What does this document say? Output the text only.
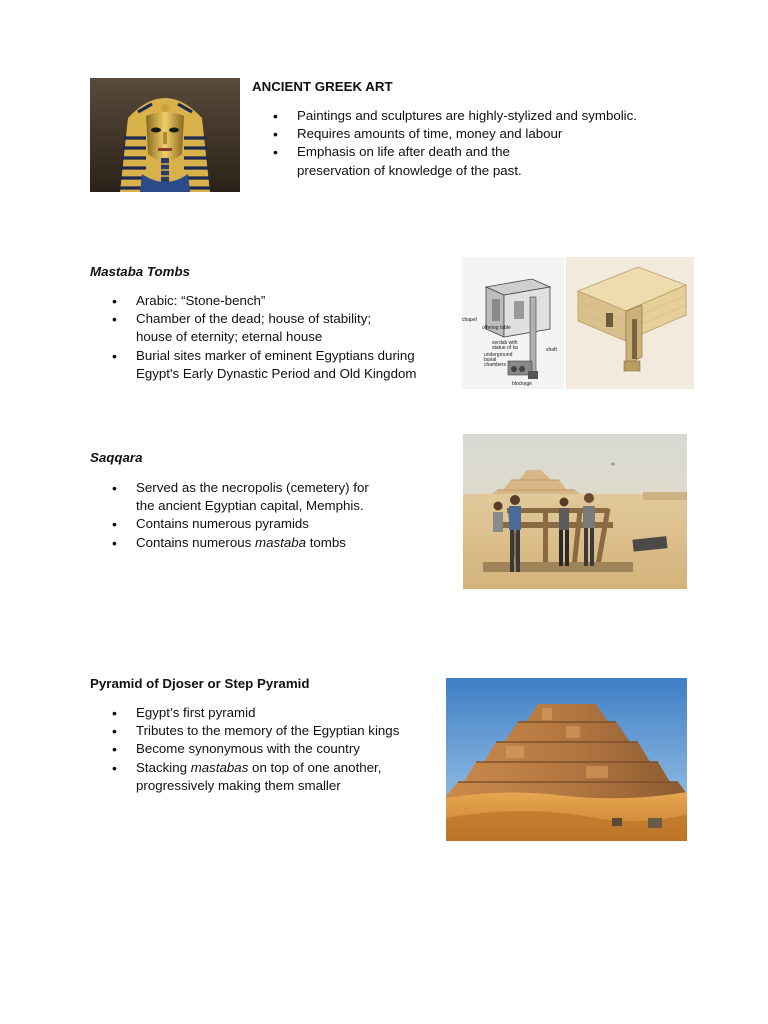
ANCIENT GREEK ART
• Paintings and sculptures are highly-stylized and symbolic.
• Requires amounts of time, money and labour
• Emphasis on life after death and the
preservation of knowledge of the past.
Mastaba Tombs
• Arabic: “Stone-bench”
• Chamber of the dead; house of stability;
house of eternity; eternal house
• Burial sites marker of eminent Egyptians during
Egypt's Early Dynastic Period and Old Kingdom
chapel
offering table
serdab with statue of ka	shaft
underground burial chambers
blockage
Saqqara
• Served as the necropolis (cemetery) for
the ancient Egyptian capital, Memphis.
• Contains numerous pyramids
• Contains numerous mastaba tombs
Pyramid of Djoser or Step Pyramid
• Egypt’s first pyramid
• Tributes to the memory of the Egyptian kings
• Become synonymous with the country
• Stacking mastabas on top of one another,
progressively making them smaller
